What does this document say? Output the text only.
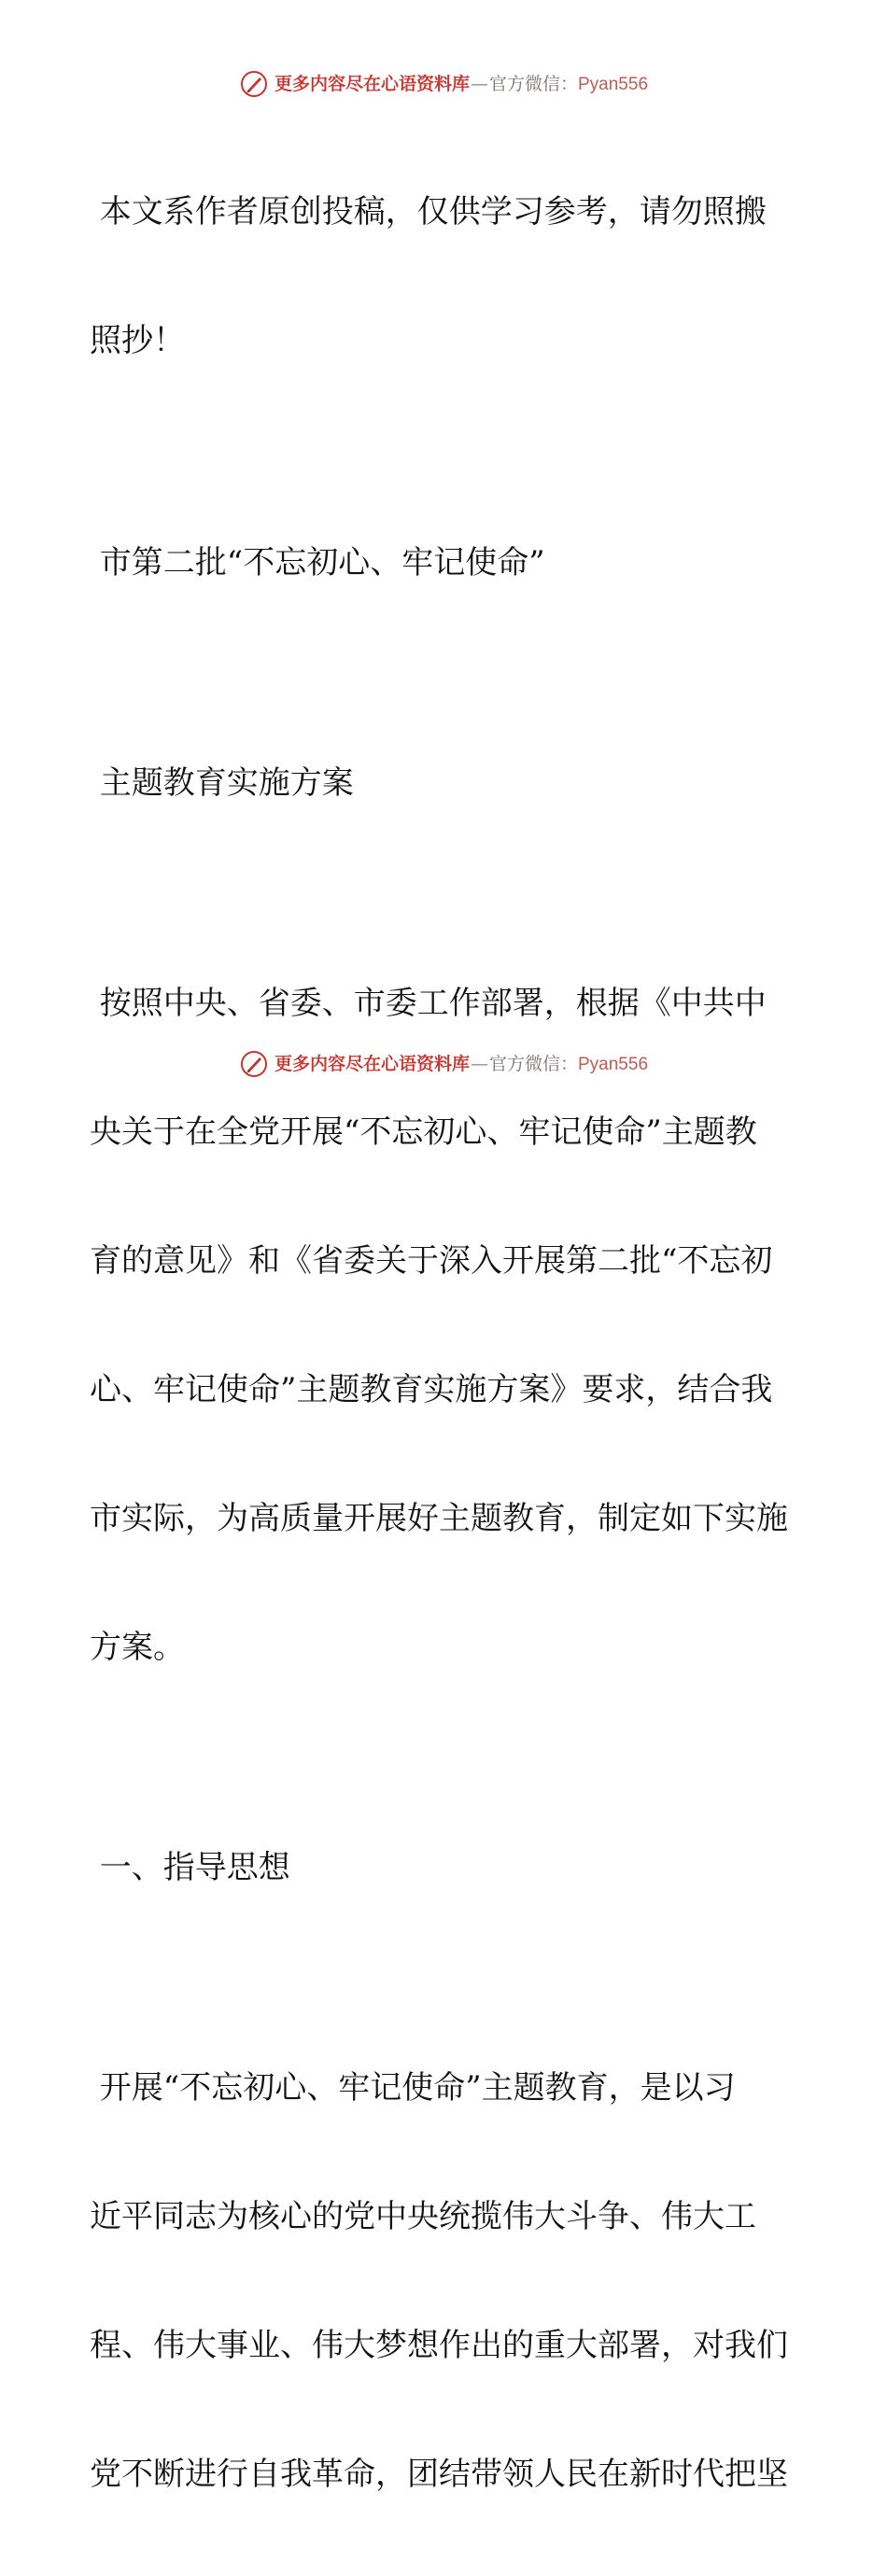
更多内容尽在心语资料库 — 官方微信： Pyan556

本文系作者原创投稿，仅供学习参考，请勿照搬

照抄！

市第二批“不忘初心、牢记使命”

主题教育实施方案

按照中央、省委、市委工作部署，根据《中共中

央关于在全党开展“不忘初心、牢记使命”主题教

育的意见》和《省委关于深入开展第二批“不忘初

心、牢记使命”主题教育实施方案》要求，结合我

市实际，为高质量开展好主题教育，制定如下实施

方案。

一、指导思想

开展“不忘初心、牢记使命”主题教育，是以习

近平同志为核心的党中央统揽伟大斗争、伟大工

程、伟大事业、伟大梦想作出的重大部署，对我们

党不断进行自我革命，团结带领人民在新时代把坚

更多内容尽在心语资料库 — 官方微信： Pyan556
